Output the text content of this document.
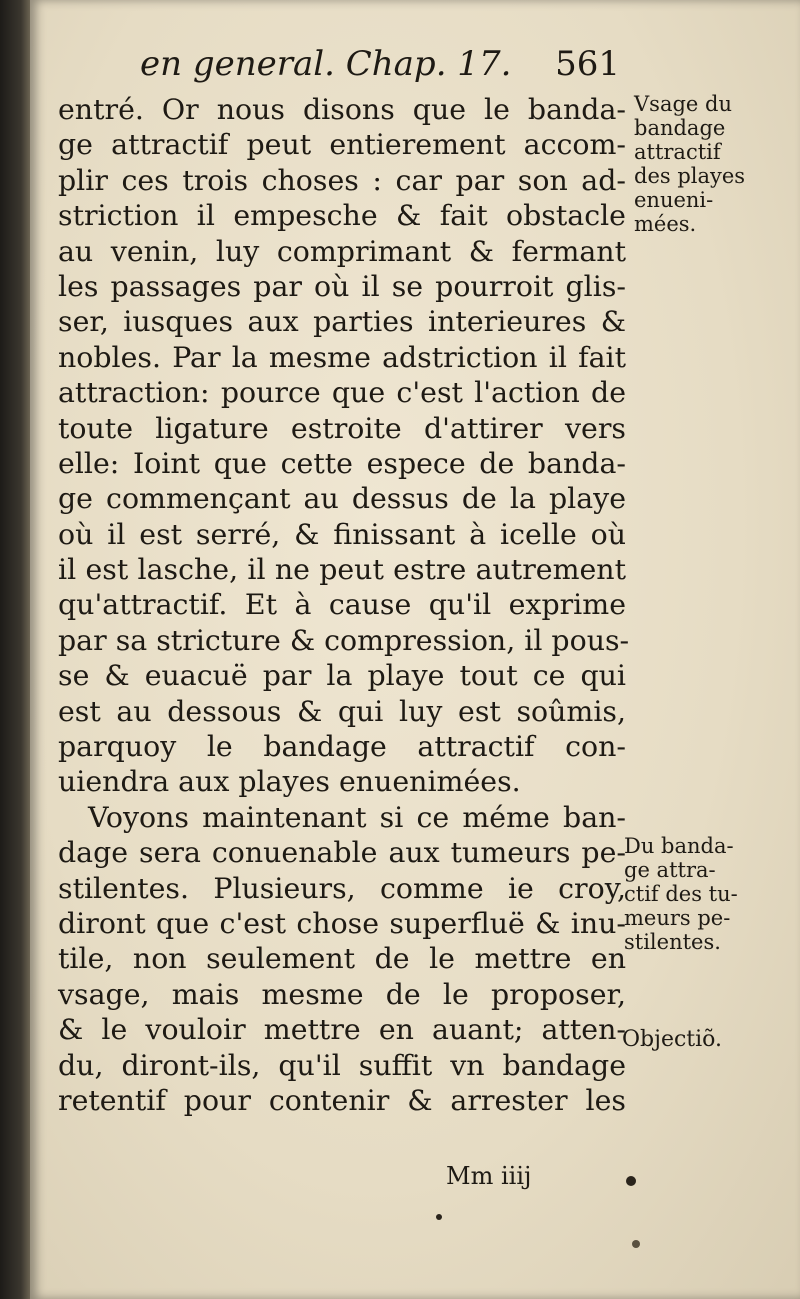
en general. Chap. 17. 561
entré. Or nous disons que le banda-
ge attractif peut entierement accom-
plir ces trois choses : car par son ad-
striction il empesche & fait obstacle
au venin, luy comprimant & fermant
les passages par où il se pourroit glis-
ser, iusques aux parties interieures &
nobles. Par la mesme adstriction il fait
attraction: pource que c'est l'action de
toute ligature estroite d'attirer vers
elle: Ioint que cette espece de banda-
ge commençant au dessus de la playe
où il est serré, & finissant à icelle où
il est lasche, il ne peut estre autrement
qu'attractif. Et à cause qu'il exprime
par sa stricture & compression, il pous-
se & euacuë par la playe tout ce qui
est au dessous & qui luy est soûmis,
parquoy le bandage attractif con-
uiendra aux playes enuenimées.
Voyons maintenant si ce méme ban-
dage sera conuenable aux tumeurs pe-
stilentes. Plusieurs, comme ie croy,
diront que c'est chose superfluë & inu-
tile, non seulement de le mettre en
vsage, mais mesme de le proposer,
& le vouloir mettre en auant; atten-
du, diront-ils, qu'il suffit vn bandage
retentif pour contenir & arrester les
Vsage du
bandage
attractif
des playes
enueni-
mées.
Du banda-
ge attra-
ctif des tu-
meurs pe-
stilentes.
Objectiõ.
Mm iiij
